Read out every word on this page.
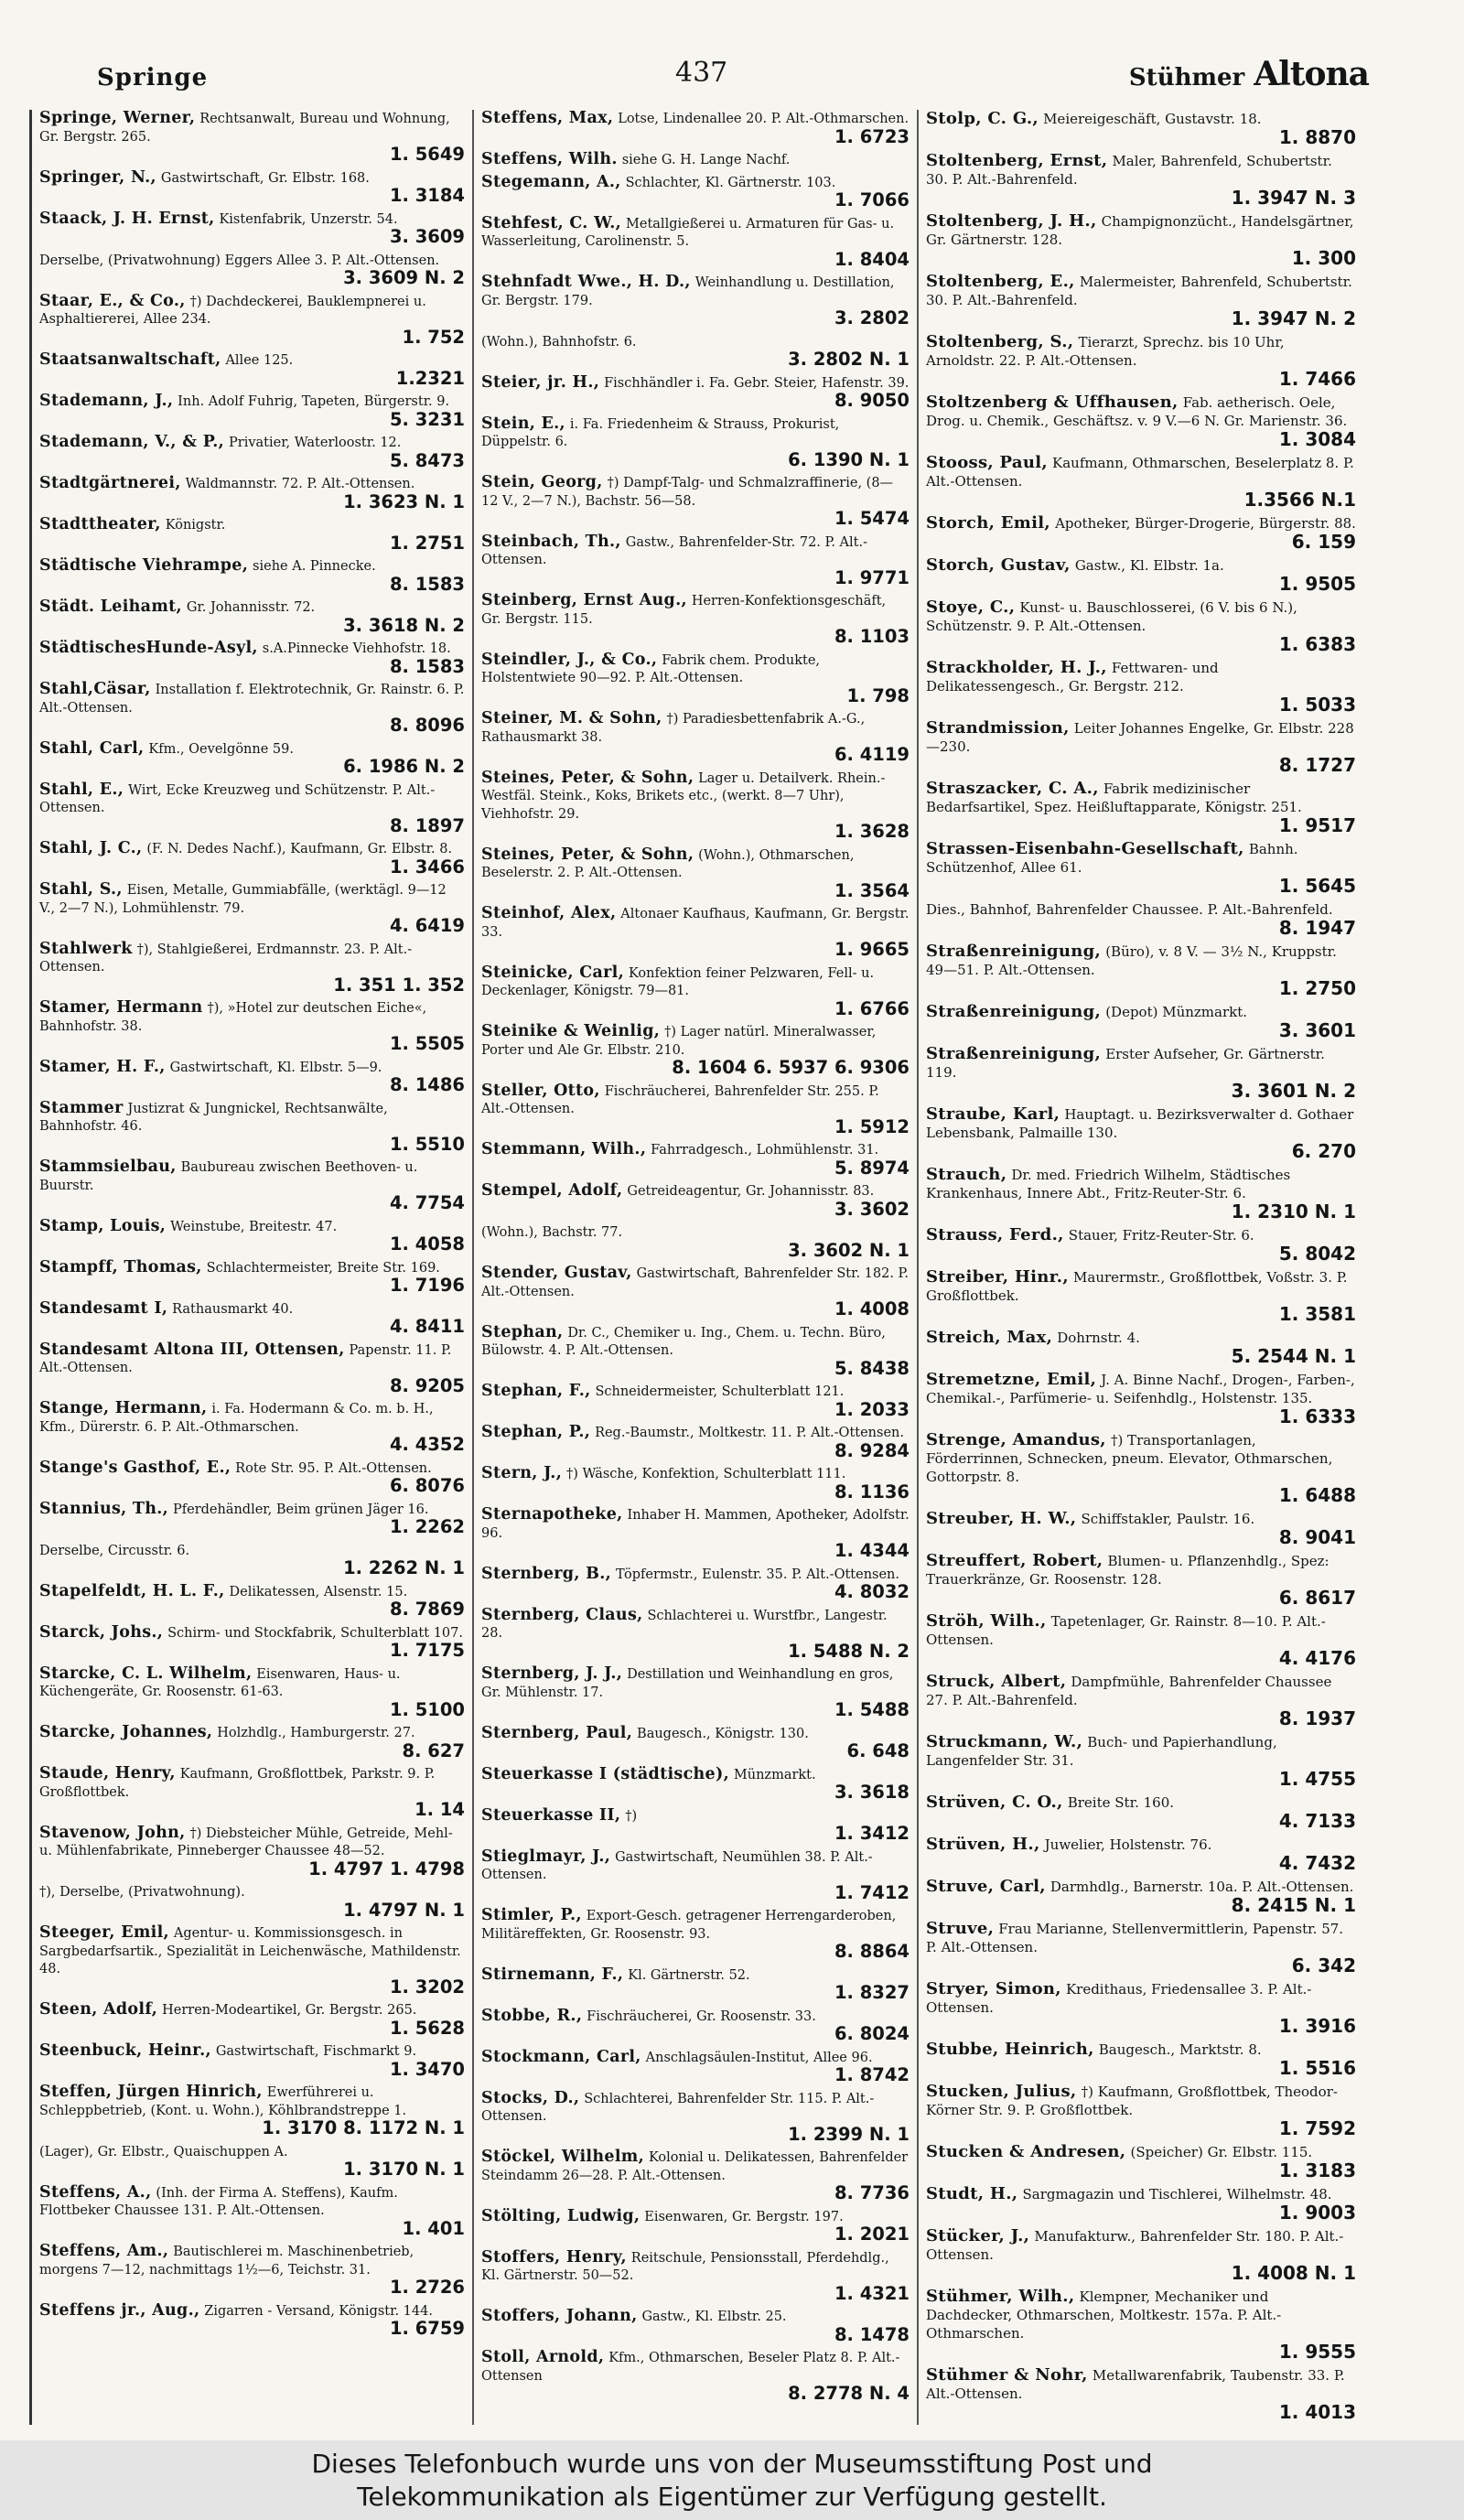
Springe	437	Stühmer Altona
Springe, Werner, Rechtsanwalt, Bureau und Wohnung, Gr. Bergstr. 265.
1. 5649
Springer, N., Gastwirtschaft, Gr. Elbstr. 168.
1. 3184
Staack, J. H. Ernst, Kistenfabrik, Unzerstr. 54.
3. 3609
Derselbe, (Privatwohnung) Eggers Allee 3. P. Alt.-Ottensen.
3. 3609 N. 2
Staar, E., & Co., †) Dachdeckerei, Bauklempnerei u. Asphaltiererei, Allee 234.
1. 752
Staatsanwaltschaft, Allee 125.
1.2321
Stademann, J., Inh. Adolf Fuhrig, Tapeten, Bürgerstr. 9.
5. 3231
Stademann, V., & P., Privatier, Waterloostr. 12.
5. 8473
Stadtgärtnerei, Waldmannstr. 72. P. Alt.-Ottensen.
1. 3623 N. 1
Stadttheater, Königstr.
1. 2751
Städtische Viehrampe, siehe A. Pinnecke.
8. 1583
Städt. Leihamt, Gr. Johannisstr. 72.
3. 3618 N. 2
StädtischesHunde-Asyl, s.A.Pinnecke Viehhofstr. 18.
8. 1583
Stahl,Cäsar, Installation f. Elektrotechnik, Gr. Rainstr. 6. P. Alt.-Ottensen.
8. 8096
Stahl, Carl, Kfm., Oevelgönne 59.
6. 1986 N. 2
Stahl, E., Wirt, Ecke Kreuzweg und Schützenstr. P. Alt.-Ottensen.
8. 1897
Stahl, J. C., (F. N. Dedes Nachf.), Kaufmann, Gr. Elbstr. 8.
1. 3466
Stahl, S., Eisen, Metalle, Gummiabfälle, (werktägl. 9—12 V., 2—7 N.), Lohmühlenstr. 79.
4. 6419
Stahlwerk †), Stahlgießerei, Erdmannstr. 23. P. Alt.-Ottensen.
1. 351 1. 352
Stamer, Hermann †), »Hotel zur deutschen Eiche«, Bahnhofstr. 38.
1. 5505
Stamer, H. F., Gastwirtschaft, Kl. Elbstr. 5—9.
8. 1486
Stammer Justizrat & Jungnickel, Rechtsanwälte, Bahnhofstr. 46.
1. 5510
Stammsielbau, Baubureau zwischen Beethoven- u. Buurstr.
4. 7754
Stamp, Louis, Weinstube, Breitestr. 47.
1. 4058
Stampff, Thomas, Schlachtermeister, Breite Str. 169.
1. 7196
Standesamt I, Rathausmarkt 40.
4. 8411
Standesamt Altona III, Ottensen, Papenstr. 11. P. Alt.-Ottensen.
8. 9205
Stange, Hermann, i. Fa. Hodermann & Co. m. b. H., Kfm., Dürerstr. 6. P. Alt.-Othmarschen.
4. 4352
Stange's Gasthof, E., Rote Str. 95. P. Alt.-Ottensen.
6. 8076
Stannius, Th., Pferdehändler, Beim grünen Jäger 16.
1. 2262
Derselbe, Circusstr. 6.
1. 2262 N. 1
Stapelfeldt, H. L. F., Delikatessen, Alsenstr. 15.
8. 7869
Starck, Johs., Schirm- und Stockfabrik, Schulterblatt 107.
1. 7175
Starcke, C. L. Wilhelm, Eisenwaren, Haus- u. Küchengeräte, Gr. Roosenstr. 61-63.
1. 5100
Starcke, Johannes, Holzhdlg., Hamburgerstr. 27.
8. 627
Staude, Henry, Kaufmann, Großflottbek, Parkstr. 9. P. Großflottbek.
1. 14
Stavenow, John, †) Diebsteicher Mühle, Getreide, Mehl- u. Mühlenfabrikate, Pinneberger Chaussee 48—52.
1. 4797 1. 4798
†), Derselbe, (Privatwohnung).
1. 4797 N. 1
Steeger, Emil, Agentur- u. Kommissionsgesch. in Sargbedarfsartik., Spezialität in Leichenwäsche, Mathildenstr. 48.
1. 3202
Steen, Adolf, Herren-Modeartikel, Gr. Bergstr. 265.
1. 5628
Steenbuck, Heinr., Gastwirtschaft, Fischmarkt 9.
1. 3470
Steffen, Jürgen Hinrich, Ewerführerei u. Schleppbetrieb, (Kont. u. Wohn.), Köhlbrandstreppe 1.
1. 3170 8. 1172 N. 1
(Lager), Gr. Elbstr., Quaischuppen A.
1. 3170 N. 1
Steffens, A., (Inh. der Firma A. Steffens), Kaufm. Flottbeker Chaussee 131. P. Alt.-Ottensen.
1. 401
Steffens, Am., Bautischlerei m. Maschinenbetrieb, morgens 7—12, nachmittags 1½—6, Teichstr. 31.
1. 2726
Steffens jr., Aug., Zigarren - Versand, Königstr. 144.
1. 6759
Steffens, Max, Lotse, Lindenallee 20. P. Alt.-Othmarschen.
1. 6723
Steffens, Wilh. siehe G. H. Lange Nachf.
Stegemann, A., Schlachter, Kl. Gärtnerstr. 103.
1. 7066
Stehfest, C. W., Metallgießerei u. Armaturen für Gas- u. Wasserleitung, Carolinenstr. 5.
1. 8404
Stehnfadt Wwe., H. D., Weinhandlung u. Destillation, Gr. Bergstr. 179.
3. 2802
(Wohn.), Bahnhofstr. 6.
3. 2802 N. 1
Steier, jr. H., Fischhändler i. Fa. Gebr. Steier, Hafenstr. 39.
8. 9050
Stein, E., i. Fa. Friedenheim & Strauss, Prokurist, Düppelstr. 6.
6. 1390 N. 1
Stein, Georg, †) Dampf-Talg- und Schmalzraffinerie, (8—12 V., 2—7 N.), Bachstr. 56—58.
1. 5474
Steinbach, Th., Gastw., Bahrenfelder-Str. 72. P. Alt.-Ottensen.
1. 9771
Steinberg, Ernst Aug., Herren-Konfektionsgeschäft, Gr. Bergstr. 115.
8. 1103
Steindler, J., & Co., Fabrik chem. Produkte, Holstentwiete 90—92. P. Alt.-Ottensen.
1. 798
Steiner, M. & Sohn, †) Paradiesbettenfabrik A.-G., Rathausmarkt 38.
6. 4119
Steines, Peter, & Sohn, Lager u. Detailverk. Rhein.-Westfäl. Steink., Koks, Brikets etc., (werkt. 8—7 Uhr), Viehhofstr. 29.
1. 3628
Steines, Peter, & Sohn, (Wohn.), Othmarschen, Beselerstr. 2. P. Alt.-Ottensen.
1. 3564
Steinhof, Alex, Altonaer Kaufhaus, Kaufmann, Gr. Bergstr. 33.
1. 9665
Steinicke, Carl, Konfektion feiner Pelzwaren, Fell- u. Deckenlager, Königstr. 79—81.
1. 6766
Steinike & Weinlig, †) Lager natürl. Mineralwasser, Porter und Ale Gr. Elbstr. 210.
8. 1604 6. 5937 6. 9306
Steller, Otto, Fischräucherei, Bahrenfelder Str. 255. P. Alt.-Ottensen.
1. 5912
Stemmann, Wilh., Fahrradgesch., Lohmühlenstr. 31.
5. 8974
Stempel, Adolf, Getreideagentur, Gr. Johannisstr. 83.
3. 3602
(Wohn.), Bachstr. 77.
3. 3602 N. 1
Stender, Gustav, Gastwirtschaft, Bahrenfelder Str. 182. P. Alt.-Ottensen.
1. 4008
Stephan, Dr. C., Chemiker u. Ing., Chem. u. Techn. Büro, Bülowstr. 4. P. Alt.-Ottensen.
5. 8438
Stephan, F., Schneidermeister, Schulterblatt 121.
1. 2033
Stephan, P., Reg.-Baumstr., Moltkestr. 11. P. Alt.-Ottensen.
8. 9284
Stern, J., †) Wäsche, Konfektion, Schulterblatt 111.
8. 1136
Sternapotheke, Inhaber H. Mammen, Apotheker, Adolfstr. 96.
1. 4344
Sternberg, B., Töpfermstr., Eulenstr. 35. P. Alt.-Ottensen.
4. 8032
Sternberg, Claus, Schlachterei u. Wurstfbr., Langestr. 28.
1. 5488 N. 2
Sternberg, J. J., Destillation und Weinhandlung en gros, Gr. Mühlenstr. 17.
1. 5488
Sternberg, Paul, Baugesch., Königstr. 130.
6. 648
Steuerkasse I (städtische), Münzmarkt.
3. 3618
Steuerkasse II, †)
1. 3412
Stieglmayr, J., Gastwirtschaft, Neumühlen 38. P. Alt.-Ottensen.
1. 7412
Stimler, P., Export-Gesch. getragener Herrengarderoben, Militäreffekten, Gr. Roosenstr. 93.
8. 8864
Stirnemann, F., Kl. Gärtnerstr. 52.
1. 8327
Stobbe, R., Fischräucherei, Gr. Roosenstr. 33.
6. 8024
Stockmann, Carl, Anschlagsäulen-Institut, Allee 96.
1. 8742
Stocks, D., Schlachterei, Bahrenfelder Str. 115. P. Alt.-Ottensen.
1. 2399 N. 1
Stöckel, Wilhelm, Kolonial u. Delikatessen, Bahrenfelder Steindamm 26—28. P. Alt.-Ottensen.
8. 7736
Stölting, Ludwig, Eisenwaren, Gr. Bergstr. 197.
1. 2021
Stoffers, Henry, Reitschule, Pensionsstall, Pferdehdlg., Kl. Gärtnerstr. 50—52.
1. 4321
Stoffers, Johann, Gastw., Kl. Elbstr. 25.
8. 1478
Stoll, Arnold, Kfm., Othmarschen, Beseler Platz 8. P. Alt.-Ottensen
8. 2778 N. 4
Stolp, C. G., Meiereigeschäft, Gustavstr. 18.
1. 8870
Stoltenberg, Ernst, Maler, Bahrenfeld, Schubertstr. 30. P. Alt.-Bahrenfeld.
1. 3947 N. 3
Stoltenberg, J. H., Champignonzücht., Handelsgärtner, Gr. Gärtnerstr. 128.
1. 300
Stoltenberg, E., Malermeister, Bahrenfeld, Schubertstr. 30. P. Alt.-Bahrenfeld.
1. 3947 N. 2
Stoltenberg, S., Tierarzt, Sprechz. bis 10 Uhr, Arnoldstr. 22. P. Alt.-Ottensen.
1. 7466
Stoltzenberg & Uffhausen, Fab. aetherisch. Oele, Drog. u. Chemik., Geschäftsz. v. 9 V.—6 N. Gr. Marienstr. 36.
1. 3084
Stooss, Paul, Kaufmann, Othmarschen, Beselerplatz 8. P. Alt.-Ottensen.
1.3566 N.1
Storch, Emil, Apotheker, Bürger-Drogerie, Bürgerstr. 88.
6. 159
Storch, Gustav, Gastw., Kl. Elbstr. 1a.
1. 9505
Stoye, C., Kunst- u. Bauschlosserei, (6 V. bis 6 N.), Schützenstr. 9. P. Alt.-Ottensen.
1. 6383
Strackholder, H. J., Fettwaren- und Delikatessengesch., Gr. Bergstr. 212.
1. 5033
Strandmission, Leiter Johannes Engelke, Gr. Elbstr. 228—230.
8. 1727
Straszacker, C. A., Fabrik medizinischer Bedarfsartikel, Spez. Heißluftapparate, Königstr. 251.
1. 9517
Strassen-Eisenbahn-Gesellschaft, Bahnh. Schützenhof, Allee 61.
1. 5645
Dies., Bahnhof, Bahrenfelder Chaussee. P. Alt.-Bahrenfeld.
8. 1947
Straßenreinigung, (Büro), v. 8 V. — 3½ N., Kruppstr. 49—51. P. Alt.-Ottensen.
1. 2750
Straßenreinigung, (Depot) Münzmarkt.
3. 3601
Straßenreinigung, Erster Aufseher, Gr. Gärtnerstr. 119.
3. 3601 N. 2
Straube, Karl, Hauptagt. u. Bezirksverwalter d. Gothaer Lebensbank, Palmaille 130.
6. 270
Strauch, Dr. med. Friedrich Wilhelm, Städtisches Krankenhaus, Innere Abt., Fritz-Reuter-Str. 6.
1. 2310 N. 1
Strauss, Ferd., Stauer, Fritz-Reuter-Str. 6.
5. 8042
Streiber, Hinr., Maurermstr., Großflottbek, Voßstr. 3. P. Großflottbek.
1. 3581
Streich, Max, Dohrnstr. 4.
5. 2544 N. 1
Stremetzne, Emil, J. A. Binne Nachf., Drogen-, Farben-, Chemikal.-, Parfümerie- u. Seifenhdlg., Holstenstr. 135.
1. 6333
Strenge, Amandus, †) Transportanlagen, Förderrinnen, Schnecken, pneum. Elevator, Othmarschen, Gottorpstr. 8.
1. 6488
Streuber, H. W., Schiffstakler, Paulstr. 16.
8. 9041
Streuffert, Robert, Blumen- u. Pflanzenhdlg., Spez: Trauerkränze, Gr. Roosenstr. 128.
6. 8617
Ströh, Wilh., Tapetenlager, Gr. Rainstr. 8—10. P. Alt.-Ottensen.
4. 4176
Struck, Albert, Dampfmühle, Bahrenfelder Chaussee 27. P. Alt.-Bahrenfeld.
8. 1937
Struckmann, W., Buch- und Papierhandlung, Langenfelder Str. 31.
1. 4755
Strüven, C. O., Breite Str. 160.
4. 7133
Strüven, H., Juwelier, Holstenstr. 76.
4. 7432
Struve, Carl, Darmhdlg., Barnerstr. 10a. P. Alt.-Ottensen.
8. 2415 N. 1
Struve, Frau Marianne, Stellenvermittlerin, Papenstr. 57. P. Alt.-Ottensen.
6. 342
Stryer, Simon, Kredithaus, Friedensallee 3. P. Alt.-Ottensen.
1. 3916
Stubbe, Heinrich, Baugesch., Marktstr. 8.
1. 5516
Stucken, Julius, †) Kaufmann, Großflottbek, Theodor-Körner Str. 9. P. Großflottbek.
1. 7592
Stucken & Andresen, (Speicher) Gr. Elbstr. 115.
1. 3183
Studt, H., Sargmagazin und Tischlerei, Wilhelmstr. 48.
1. 9003
Stücker, J., Manufakturw., Bahrenfelder Str. 180. P. Alt.-Ottensen.
1. 4008 N. 1
Stühmer, Wilh., Klempner, Mechaniker und Dachdecker, Othmarschen, Moltkestr. 157a. P. Alt.-Othmarschen.
1. 9555
Stühmer & Nohr, Metallwarenfabrik, Taubenstr. 33. P. Alt.-Ottensen.
1. 4013
Dieses Telefonbuch wurde uns von der Museumsstiftung Post und
Telekommunikation als Eigentümer zur Verfügung gestellt.
